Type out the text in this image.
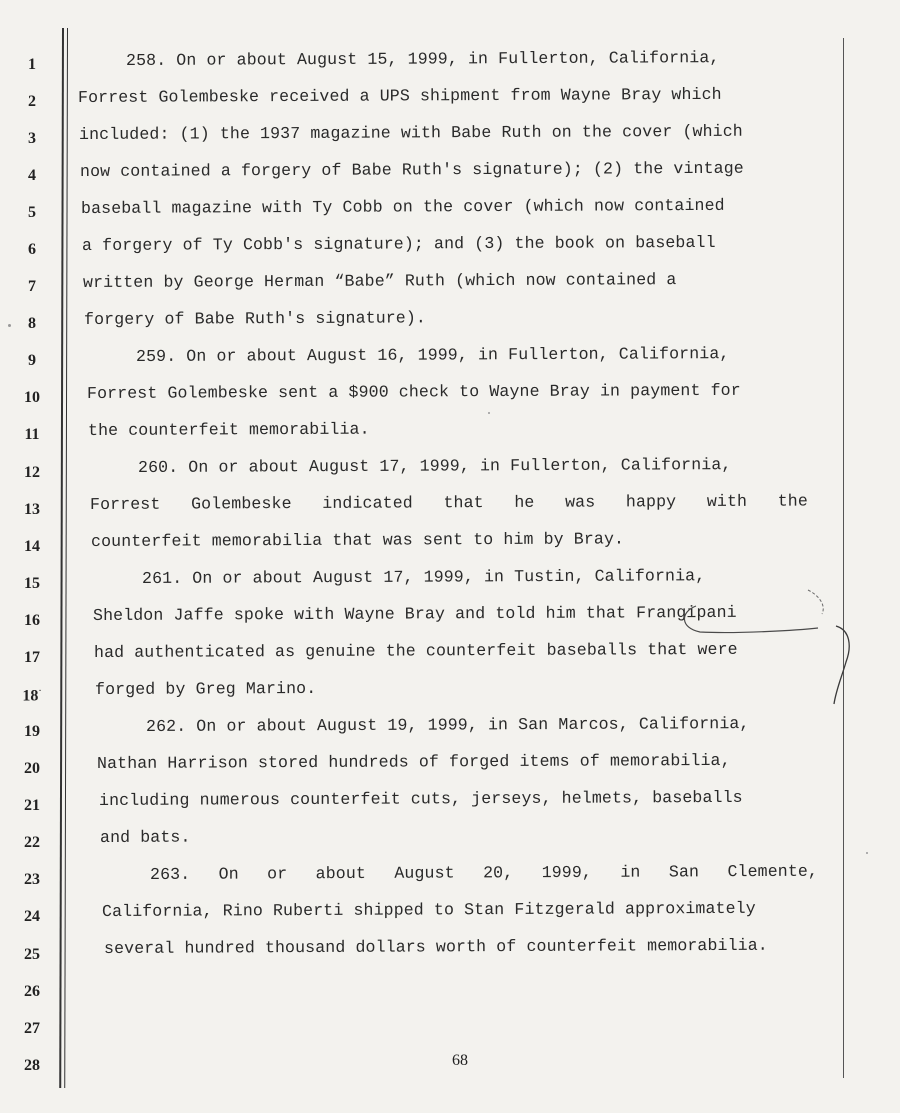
1
2
3
4
5
6
7
8
9
10
11
12
13
14
15
16
17
18·
19
20
21
22
23
24
25
26
27
28
258. On or about August 15, 1999, in Fullerton, California,
Forrest Golembeske received a UPS shipment from Wayne Bray which
included: (1) the 1937 magazine with Babe Ruth on the cover (which
now contained a forgery of Babe Ruth's signature); (2) the vintage
baseball magazine with Ty Cobb on the cover (which now contained
a forgery of Ty Cobb's signature); and (3) the book on baseball
written by George Herman “Babe” Ruth (which now contained a
forgery of Babe Ruth's signature).
259. On or about August 16, 1999, in Fullerton, California,
Forrest Golembeske sent a $900 check to Wayne Bray in payment for
the counterfeit memorabilia.
260. On or about August 17, 1999, in Fullerton, California,
Forrest Golembeske indicated that he was happy with the
counterfeit memorabilia that was sent to him by Bray.
261. On or about August 17, 1999, in Tustin, California,
Sheldon Jaffe spoke with Wayne Bray and told him that Frangipani
had authenticated as genuine the counterfeit baseballs that were
forged by Greg Marino.
262. On or about August 19, 1999, in San Marcos, California,
Nathan Harrison stored hundreds of forged items of memorabilia,
including numerous counterfeit cuts, jerseys, helmets, baseballs
and bats.
263. On or about August 20, 1999, in San Clemente,
California, Rino Ruberti shipped to Stan Fitzgerald approximately
several hundred thousand dollars worth of counterfeit memorabilia.
68
